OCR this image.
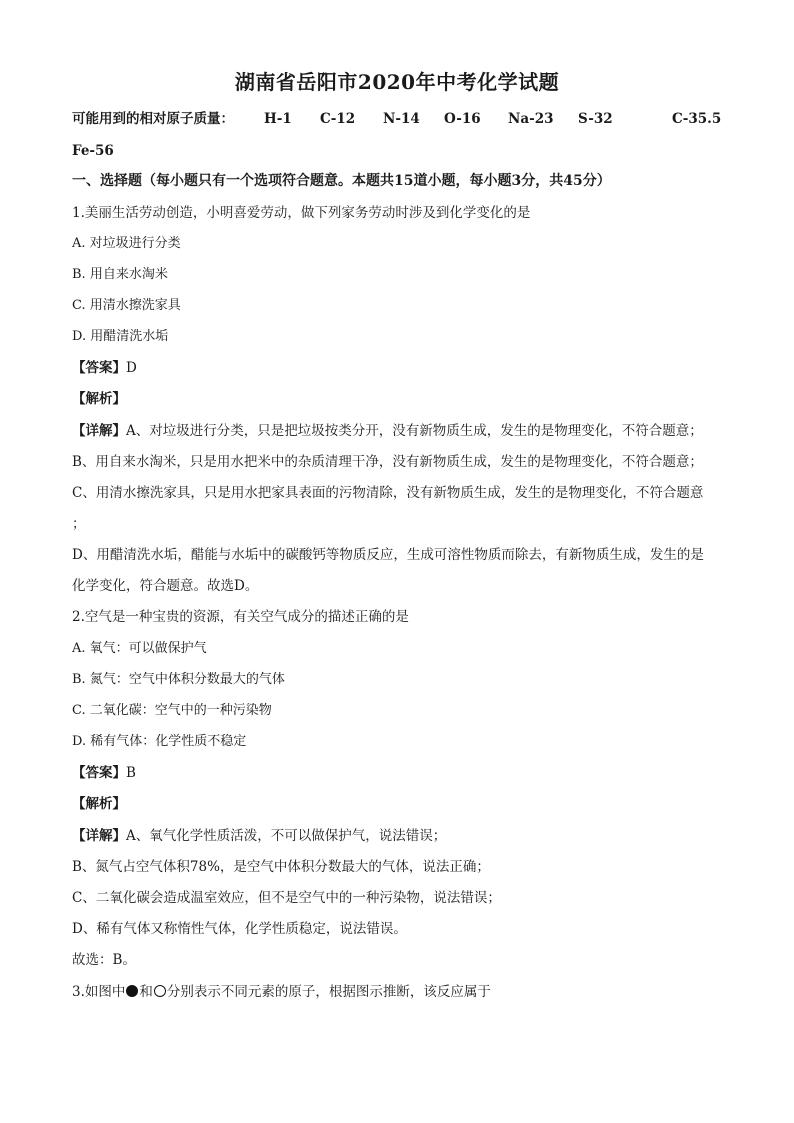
湖南省岳阳市2020年中考化学试题
可能用到的相对原子质量： H-1 C-12 N-14 O-16 Na-23 S-32	C-35.5
Fe-56
一、选择题（每小题只有一个选项符合题意。本题共15道小题，每小题3分，共45分）
1.美丽生活劳动创造，小明喜爱劳动，做下列家务劳动时涉及到化学变化的是
A. 对垃圾进行分类
B. 用自来水淘米
C. 用清水擦洗家具
D. 用醋清洗水垢
【答案】D
【解析】
【详解】A、对垃圾进行分类，只是把垃圾按类分开，没有新物质生成，发生的是物理变化，不符合题意；
B、用自来水淘米，只是用水把米中的杂质清理干净，没有新物质生成，发生的是物理变化，不符合题意；
C、用清水擦洗家具，只是用水把家具表面的污物清除，没有新物质生成，发生的是物理变化，不符合题意
；
D、用醋清洗水垢，醋能与水垢中的碳酸钙等物质反应，生成可溶性物质而除去，有新物质生成，发生的是
化学变化，符合题意。故选D。
2.空气是一种宝贵的资源，有关空气成分的描述正确的是
A. 氧气：可以做保护气
B. 氮气：空气中体积分数最大的气体
C. 二氧化碳：空气中的一种污染物
D. 稀有气体：化学性质不稳定
【答案】B
【解析】
【详解】A、氧气化学性质活泼，不可以做保护气，说法错误；
B、氮气占空气体积78%，是空气中体积分数最大的气体，说法正确；
C、二氧化碳会造成温室效应，但不是空气中的一种污染物，说法错误；
D、稀有气体又称惰性气体，化学性质稳定，说法错误。
故选：B。
3.如图中 和 分别表示不同元素的原子，根据图示推断，该反应属于
